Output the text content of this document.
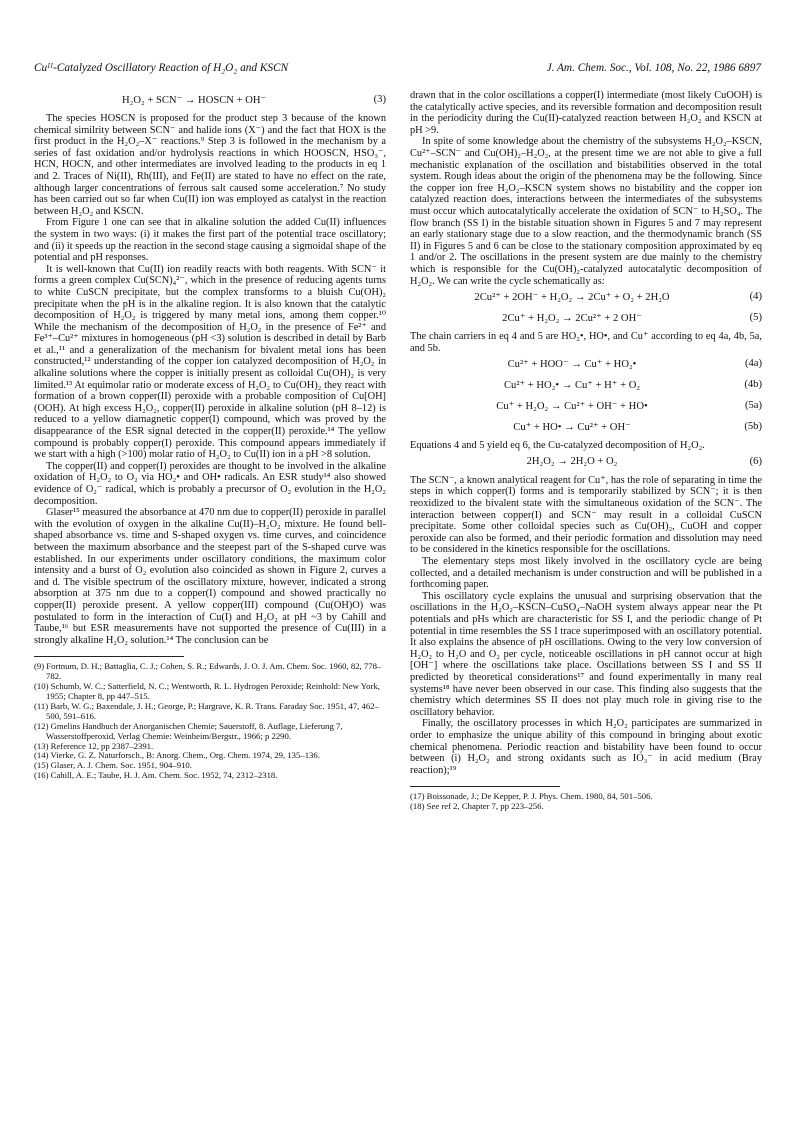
Cuᴵᴵ-Catalyzed Oscillatory Reaction of H₂O₂ and KSCN	J. Am. Chem. Soc., Vol. 108, No. 22, 1986 6897
H₂O₂ + SCN⁻ → HOSCN + OH⁻	(3)

The species HOSCN is proposed for the product step 3 because of the known chemical similrity between SCN⁻ and halide ions (X⁻) and the fact that HOX is the first product in the H₂O₂–X⁻ reactions.⁹ Step 3 is followed in the mechanism by a series of fast oxidation and/or hydrolysis reactions in which HOOSCN, HSO₃⁻, HCN, HOCN, and other intermediates are involved leading to the products in eq 1 and 2. Traces of Ni(II), Rh(III), and Fe(II) are stated to have no effect on the rate, although larger concentrations of ferrous salt caused some acceleration.⁷ No study has been carried out so far when Cu(II) ion was employed as catalyst in the reaction between H₂O₂ and KSCN.

From Figure 1 one can see that in alkaline solution the added Cu(II) influences the system in two ways: (i) it makes the first part of the potential trace oscillatory; and (ii) it speeds up the reaction in the second stage causing a sigmoidal shape of the potential and pH responses.

It is well-known that Cu(II) ion readily reacts with both reagents. With SCN⁻ it forms a green complex Cu(SCN)₄²⁻, which in the presence of reducing agents turns to white CuSCN precipitate, but the complex transforms to a bluish Cu(OH)₂ precipitate when the pH is in the alkaline region. It is also known that the catalytic decomposition of H₂O₂ is triggered by many metal ions, among them copper.¹⁰ While the mechanism of the decomposition of H₂O₂ in the presence of Fe²⁺ and Fe³⁺–Cu²⁺ mixtures in homogeneous (pH <3) solution is described in detail by Barb et al.,¹¹ and a generalization of the mechanism for bivalent metal ions has been constructed,¹² understanding of the copper ion catalyzed decomposition of H₂O₂ in alkaline solutions where the copper is initially present as colloidal Cu(OH)₂ is very limited.¹³ At equimolar ratio or moderate excess of H₂O₂ to Cu(OH)₂ they react with formation of a brown copper(II) peroxide with a probable composition of Cu[OH](OOH). At high excess H₂O₂, copper(II) peroxide in alkaline solution (pH 8–12) is reduced to a yellow diamagnetic copper(I) compound, which was proved by the disappearance of the ESR signal detected in the copper(II) peroxide.¹⁴ The yellow compound is probably copper(I) peroxide. This compound appears immediately if we start with a high (>100) molar ratio of H₂O₂ to Cu(II) ion in a pH >8 solution.

The copper(II) and copper(I) peroxides are thought to be involved in the alkaline oxidation of H₂O₂ to O₂ via HO₂• and OH• radicals. An ESR study¹⁴ also showed evidence of O₂⁻ radical, which is probably a precursor of O₂ evolution in the H₂O₂ decomposition.

Glaser¹⁵ measured the absorbance at 470 nm due to copper(II) peroxide in parallel with the evolution of oxygen in the alkaline Cu(II)–H₂O₂ mixture. He found bell-shaped absorbance vs. time and S-shaped oxygen vs. time curves, and coincidence between the maximum absorbance and the steepest part of the S-shaped curve was established. In our experiments under oscillatory conditions, the maximum color intensity and a burst of O₂ evolution also coincided as shown in Figure 2, curves a and d. The visible spectrum of the oscillatory mixture, however, indicated a strong absorption at 375 nm due to a copper(I) compound and showed practically no copper(II) peroxide present. A yellow copper(III) compound (Cu(OH)O) was postulated to form in the interaction of Cu(I) and H₂O₂ at pH ~3 by Cahill and Taube,¹⁶ but ESR measurements have not supported the presence of Cu(III) in a strongly alkaline H₂O₂ solution.¹⁴ The conclusion can be

(9) Fortnum, D. H.; Battaglia, C. J.; Cohen, S. R.; Edwards, J. O. J. Am. Chem. Soc. 1960, 82, 778–782.

(10) Schumb, W. C.; Satterfield, N. C.; Wentworth, R. L. Hydrogen Peroxide; Reinhold: New York, 1955; Chapter 8, pp 447–515.

(11) Barb, W. G.; Baxendale, J. H.; George, P.; Hargrave, K. R. Trans. Faraday Soc. 1951, 47, 462–500, 591–616.

(12) Gmelins Handbuch der Anorganischen Chemie; Sauerstoff, 8. Auflage, Lieferung 7, Wasserstoffperoxid, Verlag Chemie: Weinheim/Bergstr., 1966; p 2290.

(13) Reference 12, pp 2387–2391.

(14) Vierke, G. Z. Naturforsch., B: Anorg. Chem., Org. Chem. 1974, 29, 135–136.

(15) Glaser, A. J. Chem. Soc. 1951, 904–910.

(16) Cahill, A. E.; Taube, H. J. Am. Chem. Soc. 1952, 74, 2312–2318.

drawn that in the color oscillations a copper(I) intermediate (most likely CuOOH) is the catalytically active species, and its reversible formation and decomposition result in the periodicity during the Cu(II)-catalyzed reaction between H₂O₂ and KSCN at pH >9.

In spite of some knowledge about the chemistry of the subsystems H₂O₂–KSCN, Cu²⁺–SCN⁻ and Cu(OH)₂–H₂O₂, at the present time we are not able to give a full mechanistic explanation of the oscillation and bistabilities observed in the total system. Rough ideas about the origin of the phenomena may be the following. Since the copper ion free H₂O₂–KSCN system shows no bistability and the copper ion catalyzed reaction does, interactions between the intermediates of the subsystems must occur which autocatalytically accelerate the oxidation of SCN⁻ to H₂SO₄. The flow branch (SS I) in the bistable situation shown in Figures 5 and 7 may represent an early stationary stage due to a slow reaction, and the thermodynamic branch (SS II) in Figures 5 and 6 can be close to the stationary composition approximated by eq 1 and/or 2. The oscillations in the present system are due mainly to the chemistry which is responsible for the Cu(OH)₂-catalyzed autocatalytic decomposition of H₂O₂. We can write the cycle schematically as:

2Cu²⁺ + 2OH⁻ + H₂O₂ → 2Cu⁺ + O₂ + 2H₂O	(4)
2Cu⁺ + H₂O₂ → 2Cu²⁺ + 2 OH⁻	(5)

The chain carriers in eq 4 and 5 are HO₂•, HO•, and Cu⁺ according to eq 4a, 4b, 5a, and 5b.

Cu²⁺ + HOO⁻ → Cu⁺ + HO₂•	(4a)
Cu²⁺ + HO₂• → Cu⁺ + H⁺ + O₂	(4b)
Cu⁺ + H₂O₂ → Cu²⁺ + OH⁻ + HO•	(5a)
Cu⁺ + HO• → Cu²⁺ + OH⁻	(5b)

Equations 4 and 5 yield eq 6, the Cu-catalyzed decomposition of H₂O₂.

2H₂O₂ → 2H₂O + O₂	(6)

The SCN⁻, a known analytical reagent for Cu⁺, has the role of separating in time the steps in which copper(I) forms and is temporarily stabilized by SCN⁻; it is then reoxidized to the bivalent state with the simultaneous oxidation of the SCN⁻. The interaction between copper(I) and SCN⁻ may result in a colloidal CuSCN precipitate. Some other colloidal species such as Cu(OH)₂, CuOH and copper peroxide can also be formed, and their periodic formation and dissolution may need to be considered in the kinetics responsible for the oscillations.

The elementary steps most likely involved in the oscillatory cycle are being collected, and a detailed mechanism is under construction and will be published in a forthcoming paper.

This oscillatory cycle explains the unusual and surprising observation that the oscillations in the H₂O₂–KSCN–CuSO₄–NaOH system always appear near the Pt potentials and pHs which are characteristic for SS I, and the periodic change of Pt potential in time resembles the SS I trace superimposed with an oscillatory potential. It also explains the absence of pH oscillations. Owing to the very low conversion of H₂O₂ to H₂O and O₂ per cycle, noticeable oscillations in pH cannot occur at high [OH⁻] where the oscillations take place. Oscillations between SS I and SS II predicted by theoretical considerations¹⁷ and found experimentally in many real systems¹⁸ have never been observed in our case. This finding also suggests that the chemistry which determines SS II does not play much role in giving rise to the oscillatory behavior.

Finally, the oscillatory processes in which H₂O₂ participates are summarized in order to emphasize the unique ability of this compound in bringing about exotic chemical phenomena. Periodic reaction and bistability have been found to occur between (i) H₂O₂ and strong oxidants such as IO₃⁻ in acid medium (Bray reaction);¹⁹

(17) Boissonade, J.; De Kepper, P. J. Phys. Chem. 1980, 84, 501–506.

(18) See ref 2, Chapter 7, pp 223–256.
